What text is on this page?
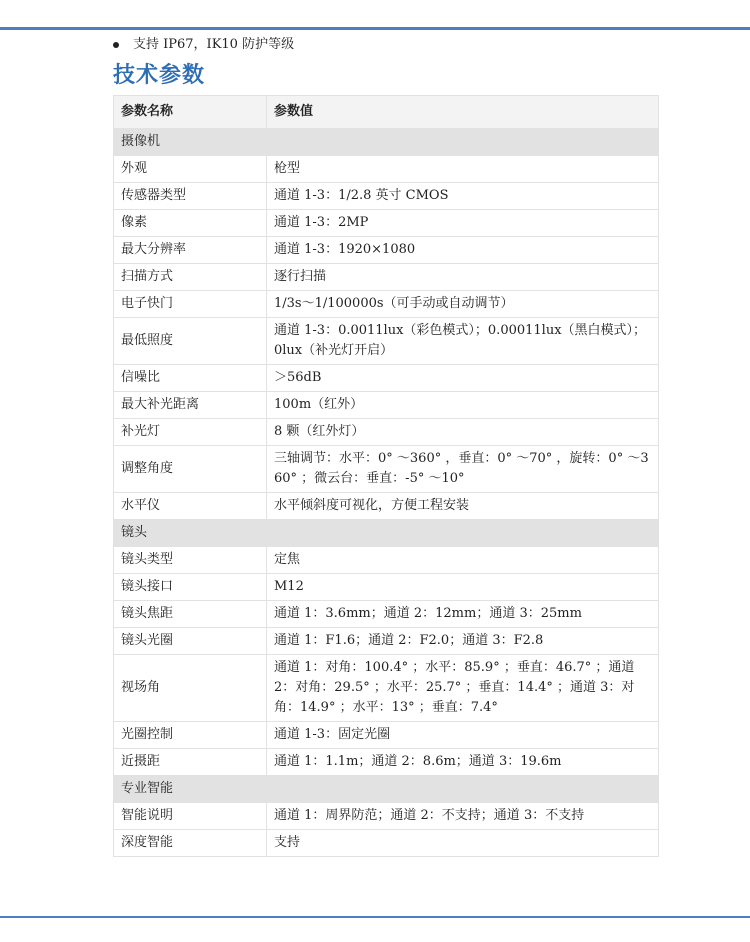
支持 IP67，IK10 防护等级
技术参数
参数名称	参数值
摄像机	
外观	枪型
传感器类型	通道 1-3：1/2.8 英寸 CMOS
像素	通道 1-3：2MP
最大分辨率	通道 1-3：1920×1080
扫描方式	逐行扫描
电子快门	1/3s～1/100000s（可手动或自动调节）
最低照度	通道 1-3：0.0011lux（彩色模式）；0.00011lux（黑白模式）；0lux（补光灯开启）
信噪比	＞56dB
最大补光距离	100m（红外）
补光灯	8 颗（红外灯）
调整角度	三轴调节：水平：0° ～360° ，垂直：0° ～70° ，旋转：0° ～360° ；微云台：垂直：-5° ～10°
水平仪	水平倾斜度可视化，方便工程安装
镜头	
镜头类型	定焦
镜头接口	M12
镜头焦距	通道 1：3.6mm；通道 2：12mm；通道 3：25mm
镜头光圈	通道 1：F1.6；通道 2：F2.0；通道 3：F2.8
视场角	通道 1：对角：100.4° ；水平：85.9° ；垂直：46.7° ；通道 2：对角：29.5° ；水平：25.7° ；垂直：14.4° ；通道 3：对角：14.9° ；水平：13° ；垂直：7.4°
光圈控制	通道 1-3：固定光圈
近摄距	通道 1：1.1m；通道 2：8.6m；通道 3：19.6m
专业智能	
智能说明	通道 1：周界防范；通道 2：不支持；通道 3：不支持
深度智能	支持
